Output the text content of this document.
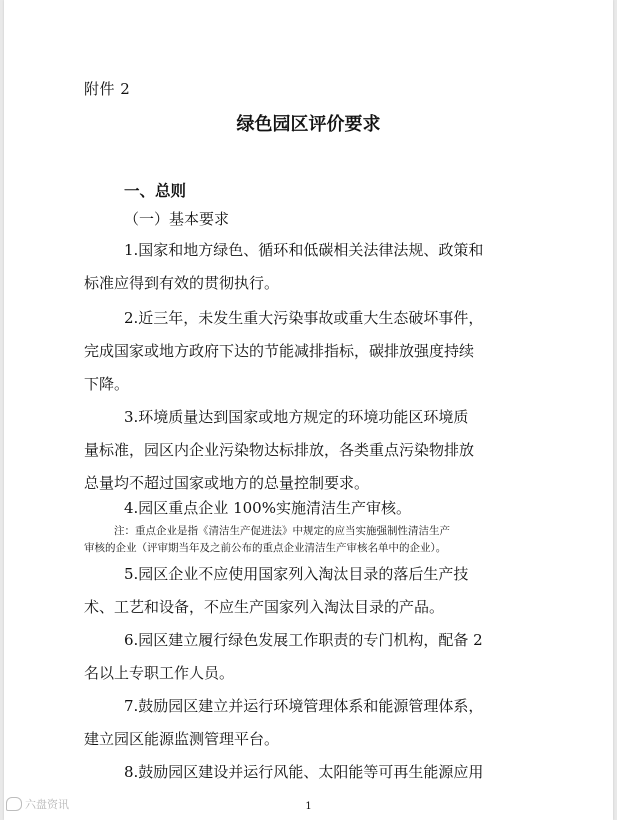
附件 2
绿色园区评价要求
一、总则
（一）基本要求

1.国家和地方绿色、循环和低碳相关法律法规、政策和
标准应得到有效的贯彻执行。

2.近三年，未发生重大污染事故或重大生态破坏事件，
完成国家或地方政府下达的节能减排指标，碳排放强度持续
下降。

3.环境质量达到国家或地方规定的环境功能区环境质
量标准，园区内企业污染物达标排放，各类重点污染物排放
总量均不超过国家或地方的总量控制要求。

4.园区重点企业 100%实施清洁生产审核。

注：重点企业是指《清洁生产促进法》中规定的应当实施强制性清洁生产
审核的企业（评审期当年及之前公布的重点企业清洁生产审核名单中的企业）。

5.园区企业不应使用国家列入淘汰目录的落后生产技
术、工艺和设备，不应生产国家列入淘汰目录的产品。

6.园区建立履行绿色发展工作职责的专门机构，配备 2
名以上专职工作人员。

7.鼓励园区建立并运行环境管理体系和能源管理体系，
建立园区能源监测管理平台。

8.鼓励园区建设并运行风能、太阳能等可再生能源应用

1
六盘资讯
